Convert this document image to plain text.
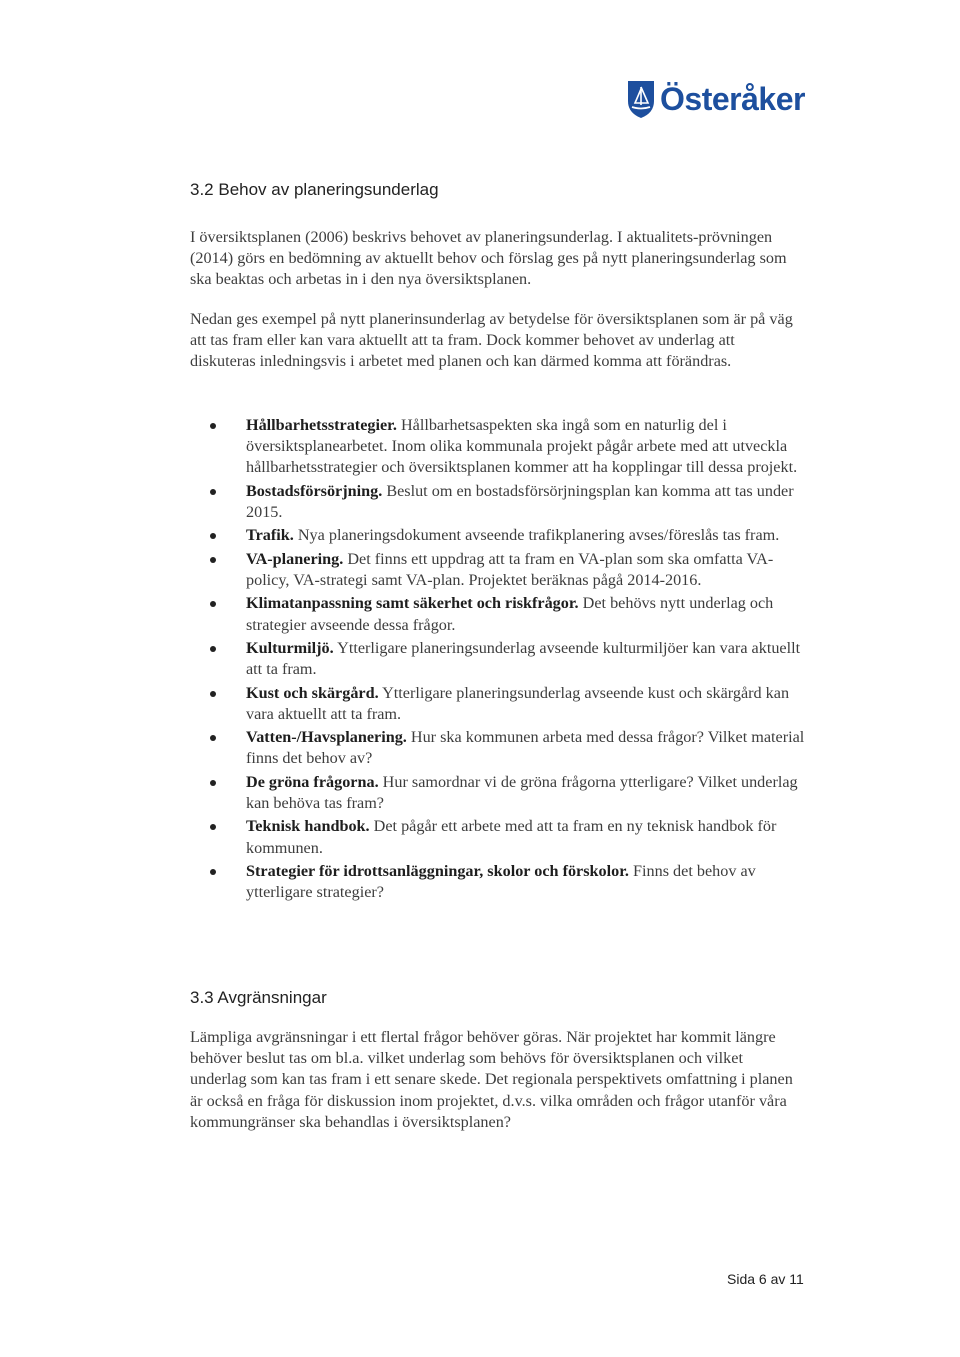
Österåker
3.2 Behov av planeringsunderlag

I översiktsplanen (2006) beskrivs behovet av planeringsunderlag. I aktualitets-prövningen (2014) görs en bedömning av aktuellt behov och förslag ges på nytt planeringsunderlag som ska beaktas och arbetas in i den nya översiktsplanen.

Nedan ges exempel på nytt planerinsunderlag av betydelse för översiktsplanen som är på väg att tas fram eller kan vara aktuellt att ta fram. Dock kommer behovet av underlag att diskuteras inledningsvis i arbetet med planen och kan därmed komma att förändras.

Hållbarhetsstrategier. Hållbarhetsaspekten ska ingå som en naturlig del i översiktsplanearbetet. Inom olika kommunala projekt pågår arbete med att utveckla hållbarhetsstrategier och översiktsplanen kommer att ha kopplingar till dessa projekt.
Bostadsförsörjning. Beslut om en bostadsförsörjningsplan kan komma att tas under 2015.
Trafik. Nya planeringsdokument avseende trafikplanering avses/föreslås tas fram.
VA-planering. Det finns ett uppdrag att ta fram en VA-plan som ska omfatta VA-policy, VA-strategi samt VA-plan. Projektet beräknas pågå 2014-2016.
Klimatanpassning samt säkerhet och riskfrågor. Det behövs nytt underlag och strategier avseende dessa frågor.
Kulturmiljö. Ytterligare planeringsunderlag avseende kulturmiljöer kan vara aktuellt att ta fram.
Kust och skärgård. Ytterligare planeringsunderlag avseende kust och skärgård kan vara aktuellt att ta fram.
Vatten-/Havsplanering. Hur ska kommunen arbeta med dessa frågor? Vilket material finns det behov av?
De gröna frågorna. Hur samordnar vi de gröna frågorna ytterligare? Vilket underlag kan behöva tas fram?
Teknisk handbok. Det pågår ett arbete med att ta fram en ny teknisk handbok för kommunen.
Strategier för idrottsanläggningar, skolor och förskolor. Finns det behov av ytterligare strategier?
3.3 Avgränsningar

Lämpliga avgränsningar i ett flertal frågor behöver göras. När projektet har kommit längre behöver beslut tas om bl.a. vilket underlag som behövs för översiktsplanen och vilket underlag som kan tas fram i ett senare skede. Det regionala perspektivets omfattning i planen är också en fråga för diskussion inom projektet, d.v.s. vilka områden och frågor utanför våra kommungränser ska behandlas i översiktsplanen?

Sida 6 av 11
